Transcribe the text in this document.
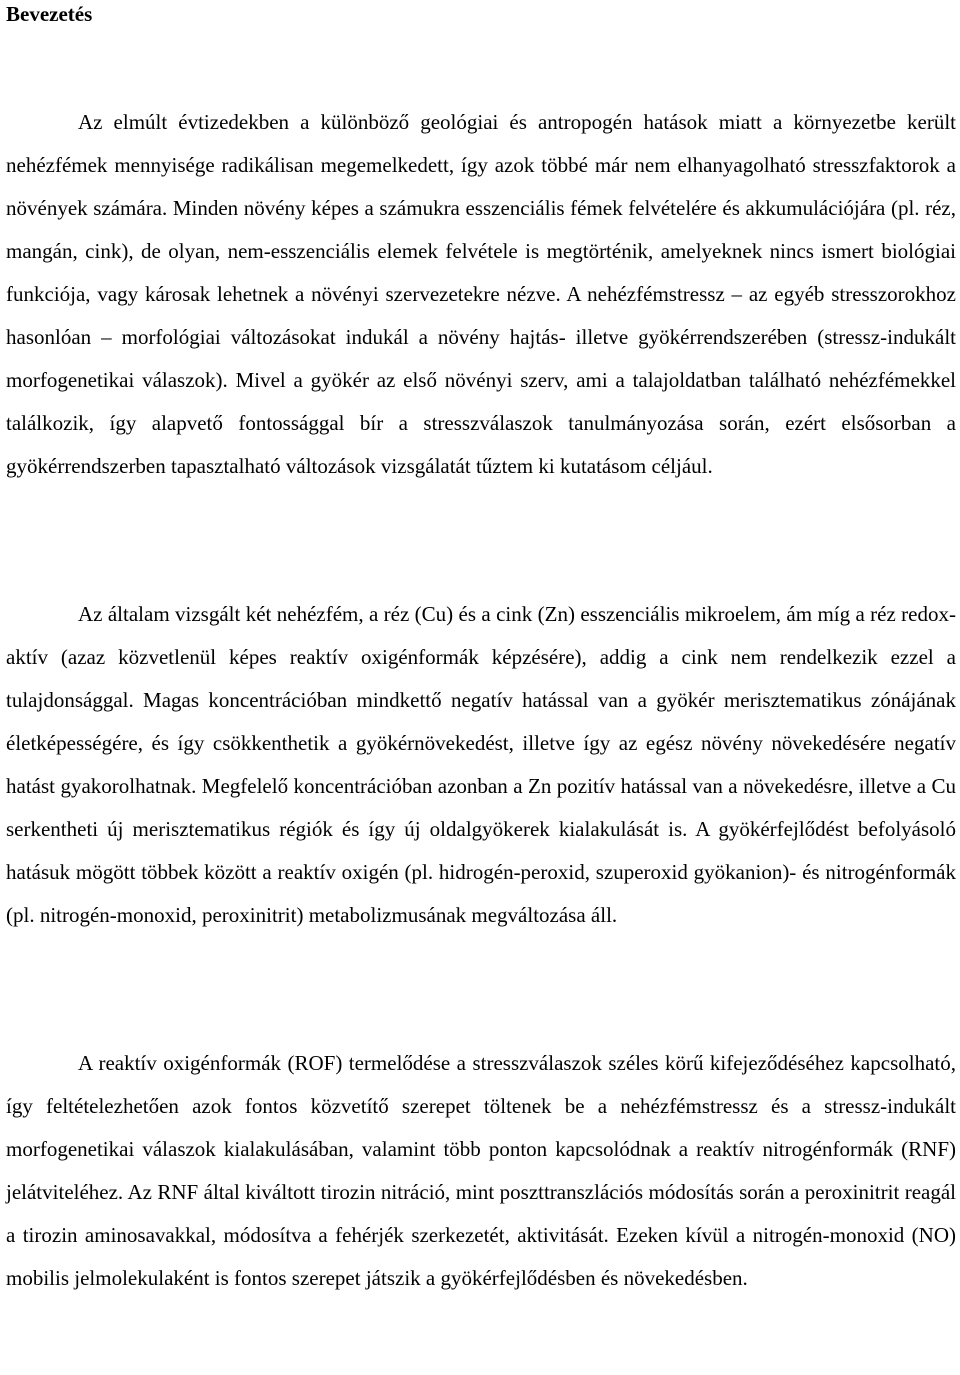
Bevezetés

Az elmúlt évtizedekben a különböző geológiai és antropogén hatások miatt a környezetbe került nehézfémek mennyisége radikálisan megemelkedett, így azok többé már nem elhanyagolható stresszfaktorok a növények számára. Minden növény képes a számukra esszenciális fémek felvételére és akkumulációjára (pl. réz, mangán, cink), de olyan, nem-esszenciális elemek felvétele is megtörténik, amelyeknek nincs ismert biológiai funkciója, vagy károsak lehetnek a növényi szervezetekre nézve. A nehézfémstressz – az egyéb stresszorokhoz hasonlóan – morfológiai változásokat indukál a növény hajtás- illetve gyökérrendszerében (stressz-indukált morfogenetikai válaszok). Mivel a gyökér az első növényi szerv, ami a talajoldatban található nehézfémekkel találkozik, így alapvető fontossággal bír a stresszválaszok tanulmányozása során, ezért elsősorban a gyökérrendszerben tapasztalható változások vizsgálatát tűztem ki kutatásom céljául.

Az általam vizsgált két nehézfém, a réz (Cu) és a cink (Zn) esszenciális mikroelem, ám míg a réz redox-aktív (azaz közvetlenül képes reaktív oxigénformák képzésére), addig a cink nem rendelkezik ezzel a tulajdonsággal. Magas koncentrációban mindkettő negatív hatással van a gyökér merisztematikus zónájának életképességére, és így csökkenthetik a gyökérnövekedést, illetve így az egész növény növekedésére negatív hatást gyakorolhatnak. Megfelelő koncentrációban azonban a Zn pozitív hatással van a növekedésre, illetve a Cu serkentheti új merisztematikus régiók és így új oldalgyökerek kialakulását is. A gyökérfejlődést befolyásoló hatásuk mögött többek között a reaktív oxigén (pl. hidrogén-peroxid, szuperoxid gyökanion)- és nitrogénformák (pl. nitrogén-monoxid, peroxinitrit) metabolizmusának megváltozása áll.

A reaktív oxigénformák (ROF) termelődése a stresszválaszok széles körű kifejeződéséhez kapcsolható, így feltételezhetően azok fontos közvetítő szerepet töltenek be a nehézfémstressz és a stressz-indukált morfogenetikai válaszok kialakulásában, valamint több ponton kapcsolódnak a reaktív nitrogénformák (RNF) jelátviteléhez. Az RNF által kiváltott tirozin nitráció, mint poszttranszlációs módosítás során a peroxinitrit reagál a tirozin aminosavakkal, módosítva a fehérjék szerkezetét, aktivitását. Ezeken kívül a nitrogén-monoxid (NO) mobilis jelmolekulaként is fontos szerepet játszik a gyökérfejlődésben és növekedésben.
